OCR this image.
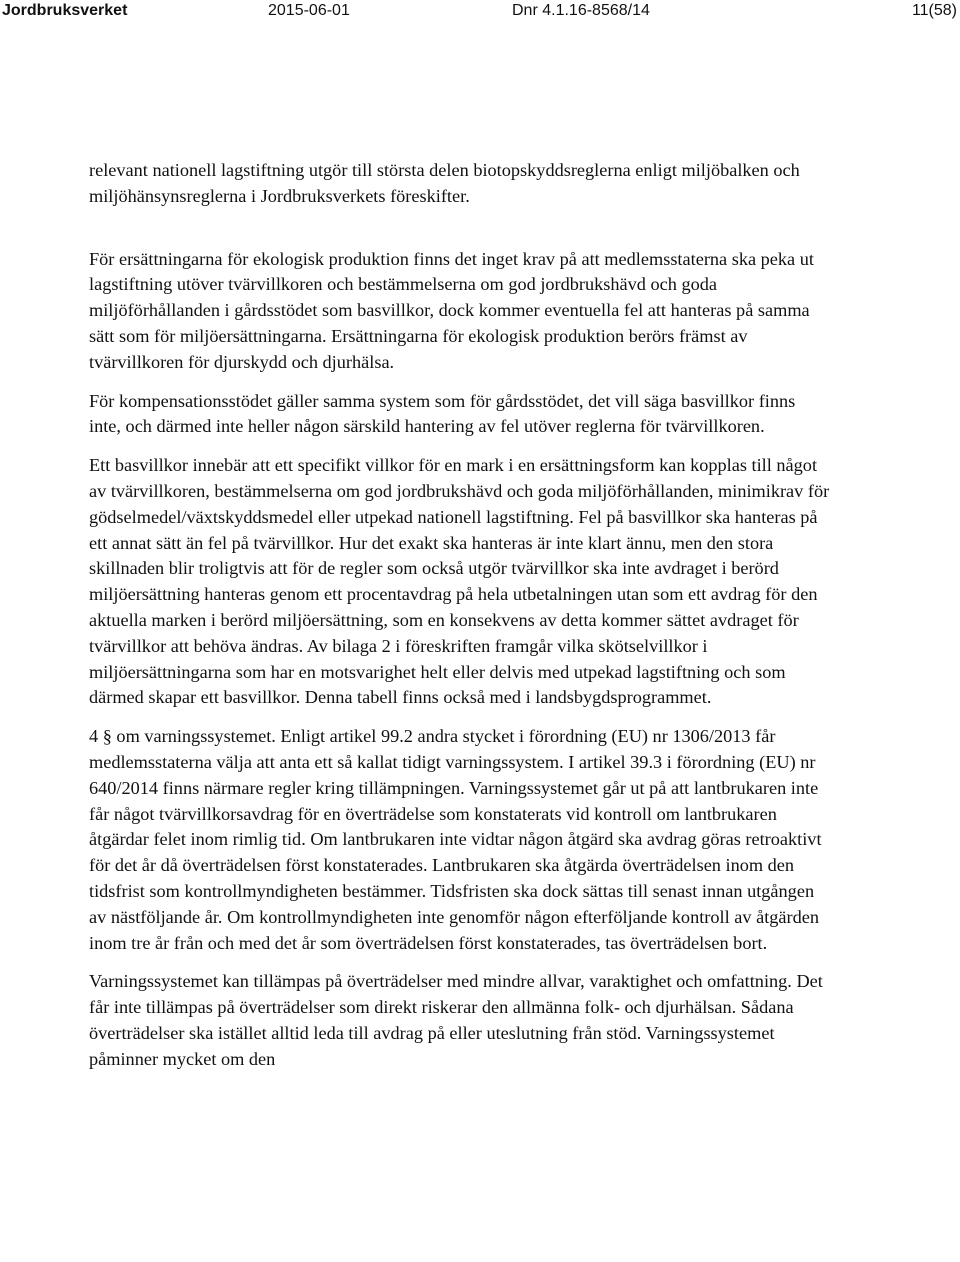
Jordbruksverket	2015-06-01	Dnr 4.1.16-8568/14	11(58)

relevant nationell lagstiftning utgör till största delen biotopskyddsreglerna enligt miljöbalken och miljöhänsynsreglerna i Jordbruksverkets föreskifter.

För ersättningarna för ekologisk produktion finns det inget krav på att medlemsstaterna ska peka ut lagstiftning utöver tvärvillkoren och bestämmelserna om god jordbrukshävd och goda miljöförhållanden i gårdsstödet som basvillkor, dock kommer eventuella fel att hanteras på samma sätt som för miljöersättningarna. Ersättningarna för ekologisk produktion berörs främst av tvärvillkoren för djurskydd och djurhälsa.

För kompensationsstödet gäller samma system som för gårdsstödet, det vill säga basvillkor finns inte, och därmed inte heller någon särskild hantering av fel utöver reglerna för tvärvillkoren.

Ett basvillkor innebär att ett specifikt villkor för en mark i en ersättningsform kan kopplas till något av tvärvillkoren, bestämmelserna om god jordbrukshävd och goda miljöförhållanden, minimikrav för gödselmedel/växtskyddsmedel eller utpekad nationell lagstiftning. Fel på basvillkor ska hanteras på ett annat sätt än fel på tvärvillkor. Hur det exakt ska hanteras är inte klart ännu, men den stora skillnaden blir troligtvis att för de regler som också utgör tvärvillkor ska inte avdraget i berörd miljöersättning hanteras genom ett procentavdrag på hela utbetalningen utan som ett avdrag för den aktuella marken i berörd miljöersättning, som en konsekvens av detta kommer sättet avdraget för tvärvillkor att behöva ändras. Av bilaga 2 i föreskriften framgår vilka skötselvillkor i miljöersättningarna som har en motsvarighet helt eller delvis med utpekad lagstiftning och som därmed skapar ett basvillkor. Denna tabell finns också med i landsbygdsprogrammet.

4 § om varningssystemet. Enligt artikel 99.2 andra stycket i förordning (EU) nr 1306/2013 får medlemsstaterna välja att anta ett så kallat tidigt varningssystem. I artikel 39.3 i förordning (EU) nr 640/2014 finns närmare regler kring tillämpningen. Varningssystemet går ut på att lantbrukaren inte får något tvärvillkorsavdrag för en överträdelse som konstaterats vid kontroll om lantbrukaren åtgärdar felet inom rimlig tid. Om lantbrukaren inte vidtar någon åtgärd ska avdrag göras retroaktivt för det år då överträdelsen först konstaterades. Lantbrukaren ska åtgärda överträdelsen inom den tidsfrist som kontrollmyndigheten bestämmer. Tidsfristen ska dock sättas till senast innan utgången av nästföljande år. Om kontrollmyndigheten inte genomför någon efterföljande kontroll av åtgärden inom tre år från och med det år som överträdelsen först konstaterades, tas överträdelsen bort.

Varningssystemet kan tillämpas på överträdelser med mindre allvar, varaktighet och omfattning. Det får inte tillämpas på överträdelser som direkt riskerar den allmänna folk- och djurhälsan. Sådana överträdelser ska istället alltid leda till avdrag på eller uteslutning från stöd. Varningssystemet påminner mycket om den
